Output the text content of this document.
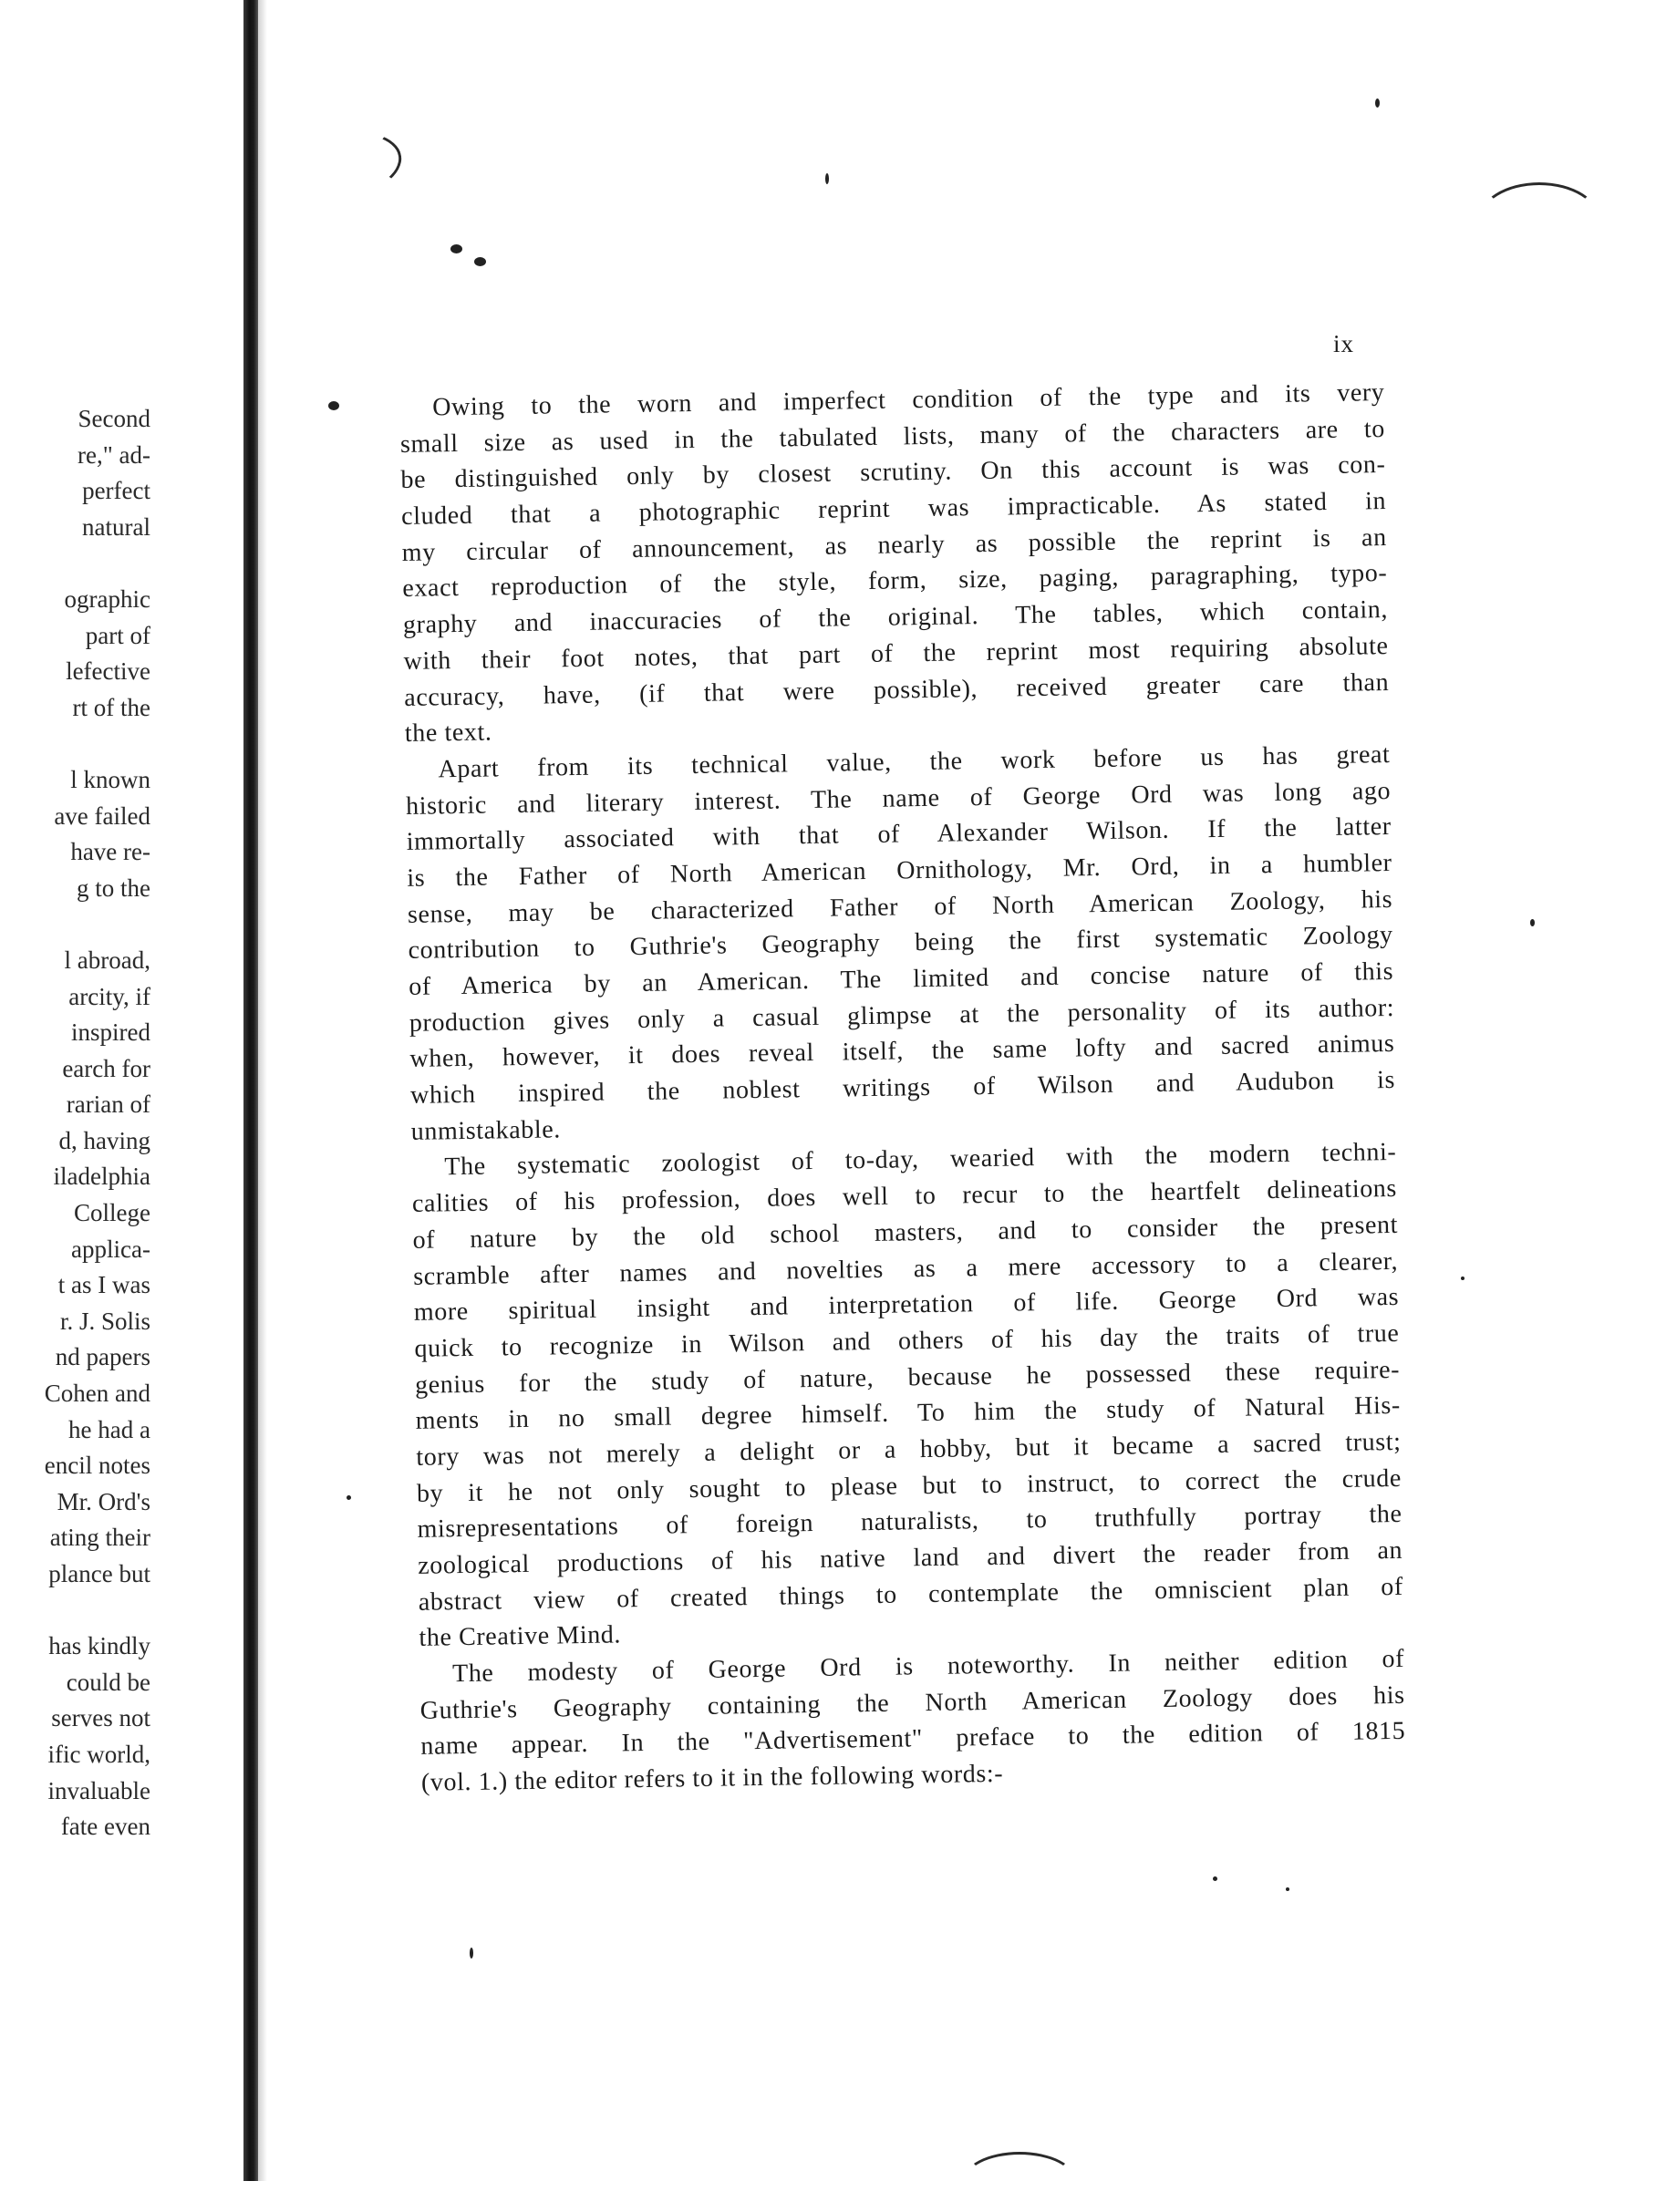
Second
re," ad-
perfect
natural
ographic
part of
lefective
rt of the
l known
ave failed
have re-
g to the
l abroad,
arcity, if
inspired
earch for
rarian of
d, having
iladelphia
College
applica-
t as I was
r. J. Solis
nd papers
Cohen and
he had a
encil notes
Mr. Ord's
ating their
plance but
has kindly
could be
serves not
ific world,
invaluable
fate even
ix
Owing to the worn and imperfect condition of the type and its very
small size as used in the tabulated lists, many of the characters are to
be distinguished only by closest scrutiny. On this account is was con-
cluded that a photographic reprint was impracticable. As stated in
my circular of announcement, as nearly as possible the reprint is an
exact reproduction of the style, form, size, paging, paragraphing, typo-
graphy and inaccuracies of the original. The tables, which contain,
with their foot notes, that part of the reprint most requiring absolute
accuracy, have, (if that were possible), received greater care than
the text.
Apart from its technical value, the work before us has great
historic and literary interest. The name of George Ord was long ago
immortally associated with that of Alexander Wilson. If the latter
is the Father of North American Ornithology, Mr. Ord, in a humbler
sense, may be characterized Father of North American Zoology, his
contribution to Guthrie's Geography being the first systematic Zoology
of America by an American. The limited and concise nature of this
production gives only a casual glimpse at the personality of its author:
when, however, it does reveal itself, the same lofty and sacred animus
which inspired the noblest writings of Wilson and Audubon is
unmistakable.
The systematic zoologist of to-day, wearied with the modern techni-
calities of his profession, does well to recur to the heartfelt delineations
of nature by the old school masters, and to consider the present
scramble after names and novelties as a mere accessory to a clearer,
more spiritual insight and interpretation of life. George Ord was
quick to recognize in Wilson and others of his day the traits of true
genius for the study of nature, because he possessed these require-
ments in no small degree himself. To him the study of Natural His-
tory was not merely a delight or a hobby, but it became a sacred trust;
by it he not only sought to please but to instruct, to correct the crude
misrepresentations of foreign naturalists, to truthfully portray the
zoological productions of his native land and divert the reader from an
abstract view of created things to contemplate the omniscient plan of
the Creative Mind.
The modesty of George Ord is noteworthy. In neither edition of
Guthrie's Geography containing the North American Zoology does his
name appear. In the "Advertisement" preface to the edition of 1815
(vol. 1.) the editor refers to it in the following words:-
